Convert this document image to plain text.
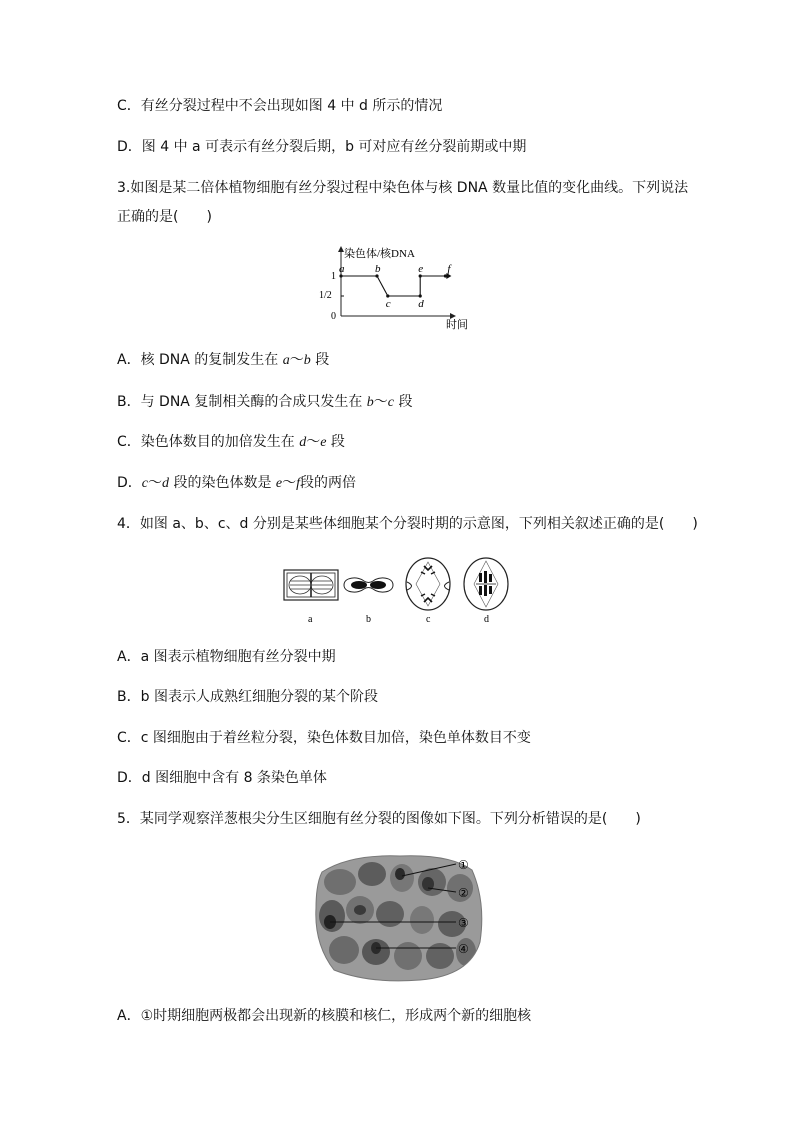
C．有丝分裂过程中不会出现如图 4 中 d 所示的情况
D．图 4 中 a 可表示有丝分裂后期，b 可对应有丝分裂前期或中期
3.如图是某二倍体植物细胞有丝分裂过程中染色体与核 DNA 数量比值的变化曲线。下列说法
正确的是(　　)
染色体/核DNA
1
1/2
0
时间
a	b
c	d
e f
A．核 DNA 的复制发生在 a～b 段
B．与 DNA 复制相关酶的合成只发生在 b～c 段
C．染色体数目的加倍发生在 d～e 段
D．c～d 段的染色体数是 e～f段的两倍
4．如图 a、b、c、d 分别是某些体细胞某个分裂时期的示意图，下列相关叙述正确的是(　　)
a	b	c	d
A．a 图表示植物细胞有丝分裂中期
B．b 图表示人成熟红细胞分裂的某个阶段
C．c 图细胞由于着丝粒分裂，染色体数目加倍，染色单体数目不变
D．d 图细胞中含有 8 条染色单体
5．某同学观察洋葱根尖分生区细胞有丝分裂的图像如下图。下列分析错误的是(　　)
①
②
③
④
A．①时期细胞两极都会出现新的核膜和核仁，形成两个新的细胞核
